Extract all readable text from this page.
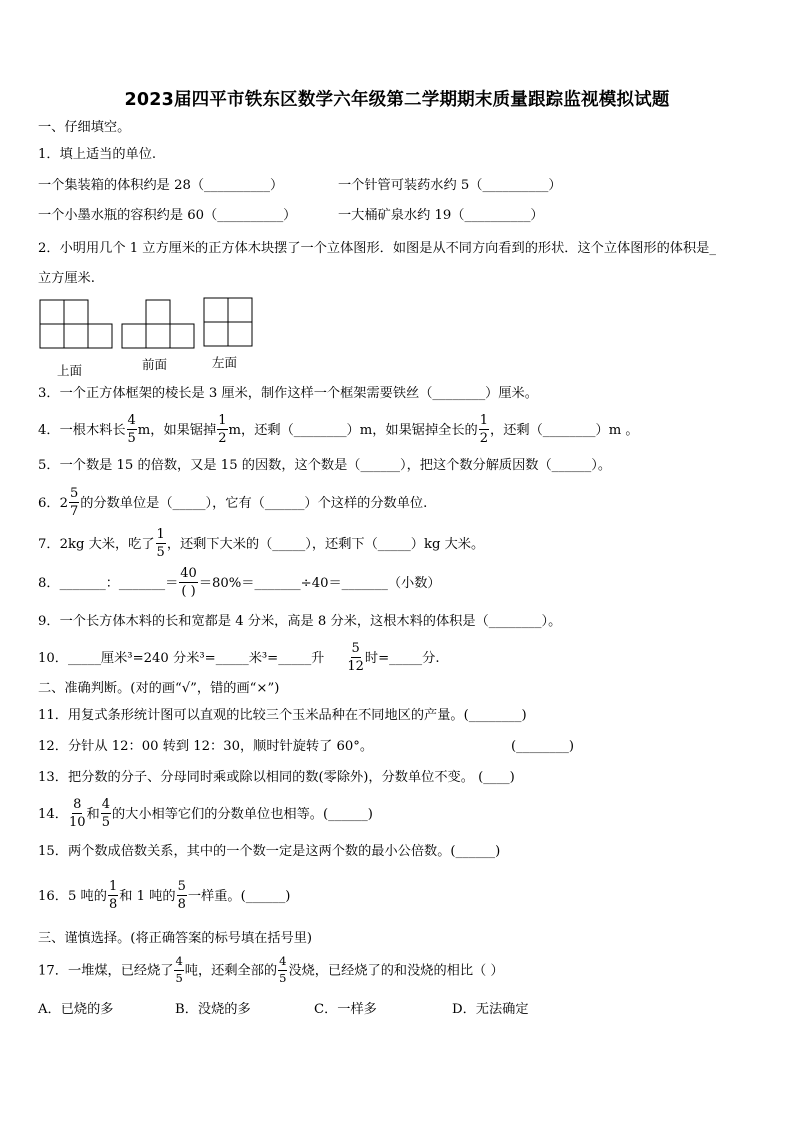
2023届四平市铁东区数学六年级第二学期期末质量跟踪监视模拟试题
一、仔细填空。
1．填上适当的单位.
一个集装箱的体积约是 28（__________）	一个针管可装药水约 5（__________）
一个小墨水瓶的容积约是 60（__________）	一大桶矿泉水约 19（__________）
2．小明用几个 1 立方厘米的正方体木块摆了一个立体图形．如图是从不同方向看到的形状．这个立体图形的体积是_
立方厘米.
上面	前面	左面
3．一个正方体框架的棱长是 3 厘米，制作这样一个框架需要铁丝（________）厘米。
4．一根木料长 $\frac{4}{5}$ m，如果锯掉 $\frac{1}{2}$ m，还剩（________）m，如果锯掉全长的 $\frac{1}{2}$ ，还剩（________）m 。
5．一个数是 15 的倍数，又是 15 的因数，这个数是（______），把这个数分解质因数（______）。
6．$2 \frac{5}{7}$ 的分数单位是（_____），它有（______）个这样的分数单位.
7．2kg 大米，吃了 $\frac{1}{5}$ ，还剩下大米的（_____），还剩下（_____）kg 大米。
8．_______：_______＝ $\frac{40}{( )}$ ＝80%＝_______÷40＝_______（小数）
9．一个长方体木料的长和宽都是 4 分米，高是 8 分米，这根木料的体积是（________）。
10．_____厘米³=240 分米³=_____米³=_____升 $\frac{5}{12}$ 时=_____分.
二、准确判断。(对的画“√”，错的画“×”)
11．用复式条形统计图可以直观的比较三个玉米品种在不同地区的产量。(________)
12．分针从 12：00 转到 12：30，顺时针旋转了 60°。	(________)
13．把分数的分子、分母同时乘或除以相同的数(零除外)，分数单位不变。 (____)
14． $\frac{8}{10}$ 和 $\frac{4}{5}$ 的大小相等它们的分数单位也相等。(______)
15．两个数成倍数关系，其中的一个数一定是这两个数的最小公倍数。(______)
16．5 吨的 $\frac{1}{8}$ 和 1 吨的 $\frac{5}{8}$ 一样重。(______)
三、谨慎选择。(将正确答案的标号填在括号里)
17．一堆煤，已经烧了 $\frac{4}{5}$ 吨，还剩全部的 $\frac{4}{5}$ 没烧，已经烧了的和没烧的相比（ ）
A．已烧的多	B．没烧的多	C．一样多	D．无法确定
